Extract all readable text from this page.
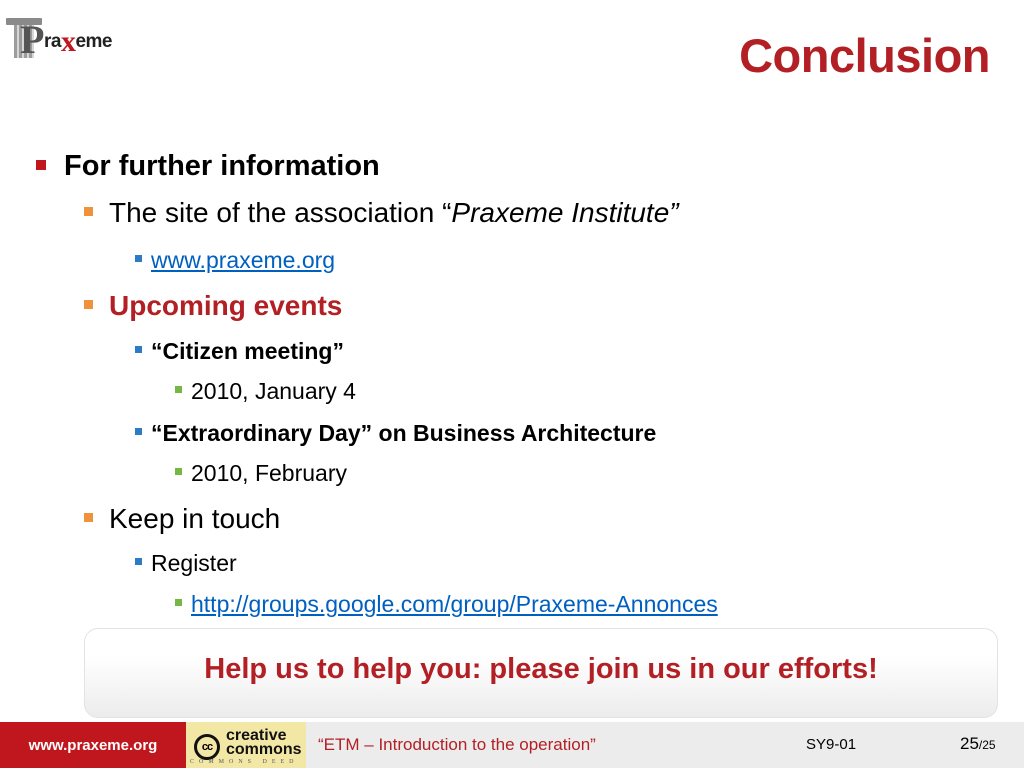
P raxeme	Conclusion
For further information
The site of the association “Praxeme Institute”
www.praxeme.org
Upcoming events
“Citizen meeting”
2010, January 4
“Extraordinary Day” on Business Architecture
2010, February
Keep in touch
Register
http://groups.google.com/group/Praxeme-Annonces
Help us to help you: please join us in our efforts!
www.praxeme.org	cc
creative
commons
COMMONS DEED
“ETM – Introduction to the operation”	SY9-01	25/25
